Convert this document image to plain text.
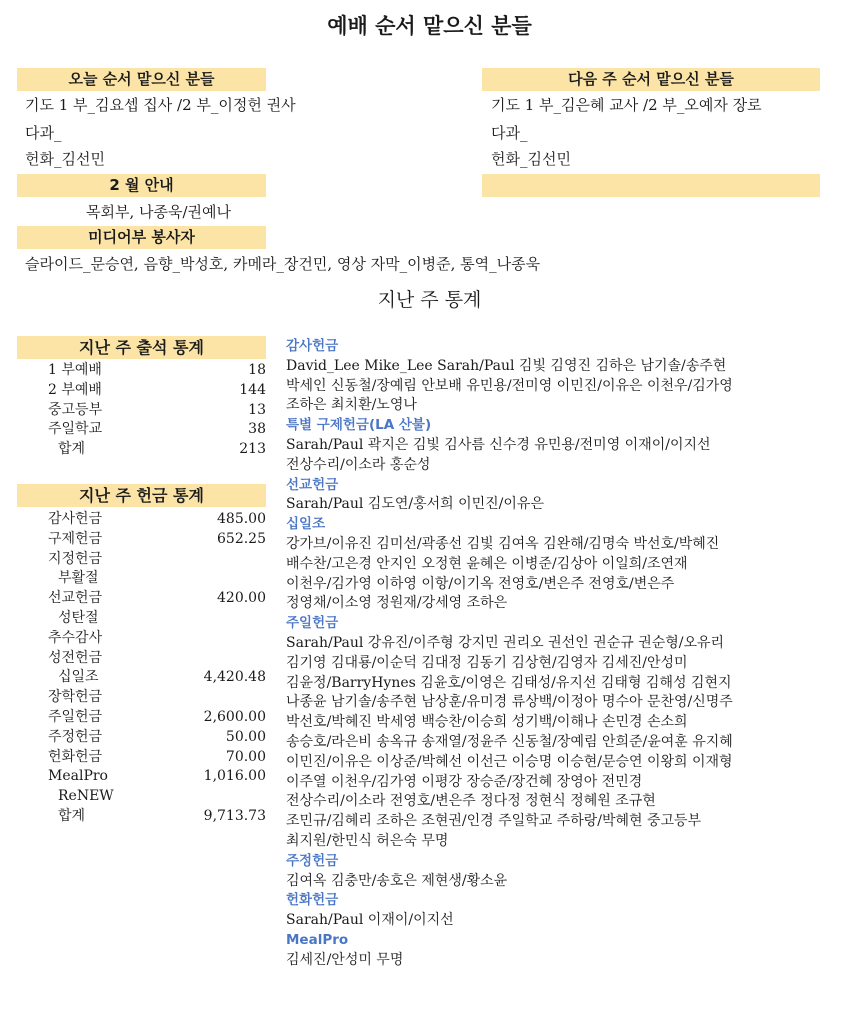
예배 순서 맡으신 분들
오늘 순서 맡으신 분들
기도 1 부_김요셉 집사 /2 부_이정헌 권사
다과_
헌화_김선민
다음 주 순서 맡으신 분들
기도 1 부_김은혜 교사 /2 부_오예자 장로
다과_
헌화_김선민
2 월 안내
목회부, 나종욱/권예나
미디어부 봉사자
슬라이드_문승연, 음향_박성호, 카메라_장건민, 영상 자막_이병준, 통역_나종욱
지난 주 통계
지난 주 출석 통계
1 부예배	18
2 부예배	144
중고등부	13
주일학교	38
합계	213
지난 주 헌금 통계
감사헌금	485.00
구제헌금	652.25
지정헌금
부활절
선교헌금	420.00
성탄절
추수감사
성전헌금
십일조	4,420.48
장학헌금
주일헌금	2,600.00
주정헌금	50.00
헌화헌금	70.00
MealPro	1,016.00
ReNEW
합계	9,713.73
감사헌금
David_Lee Mike_Lee Sarah/Paul 김빛 김영진 김하은 남기솔/송주현
박세인 신동철/장예림 안보배 유민용/전미영 이민진/이유은 이천우/김가영
조하은 최치환/노영나
특별 구제헌금(LA 산불)
Sarah/Paul 곽지은 김빛 김사름 신수경 유민용/전미영 이재이/이지선
전상수리/이소라 홍순성
선교헌금
Sarah/Paul 김도연/홍서희 이민진/이유은
십일조
강가브/이유진 김미선/곽종선 김빛 김여옥 김완해/김명숙 박선호/박혜진
배수찬/고은경 안지인 오정현 윤혜은 이병준/김상아 이일희/조연재
이천우/김가영 이하영 이항/이기옥 전영호/변은주 전영호/변은주
정영채/이소영 정원재/강세영 조하은
주일헌금
Sarah/Paul 강유진/이주형 강지민 권리오 권선인 권순규 권순형/오유리
김기영 김대룡/이순덕 김대정 김동기 김상현/김영자 김세진/안성미
김윤정/BarryHynes 김윤호/이영은 김태성/유지선 김태형 김해성 김현지
나종윤 남기솔/송주현 남상훈/유미경 류상백/이정아 명수아 문찬영/신명주
박선호/박혜진 박세영 백승찬/이승희 성기백/이해나 손민경 손소희
송승호/라은비 송옥규 송재열/정윤주 신동철/장예림 안희준/윤여훈 유지혜
이민진/이유은 이상준/박혜선 이선근 이승명 이승현/문승연 이왕희 이재형
이주열 이천우/김가영 이평강 장승준/장건혜 장영아 전민경
전상수리/이소라 전영호/변은주 정다정 정현식 정혜원 조규현
조민규/김혜리 조하은 조현권/인경 주일학교 주하랑/박혜현 중고등부
최지원/한민식 허은숙 무명
주정헌금
김여옥 김충만/송호은 제현생/황소윤
헌화헌금
Sarah/Paul 이재이/이지선
MealPro
김세진/안성미 무명
